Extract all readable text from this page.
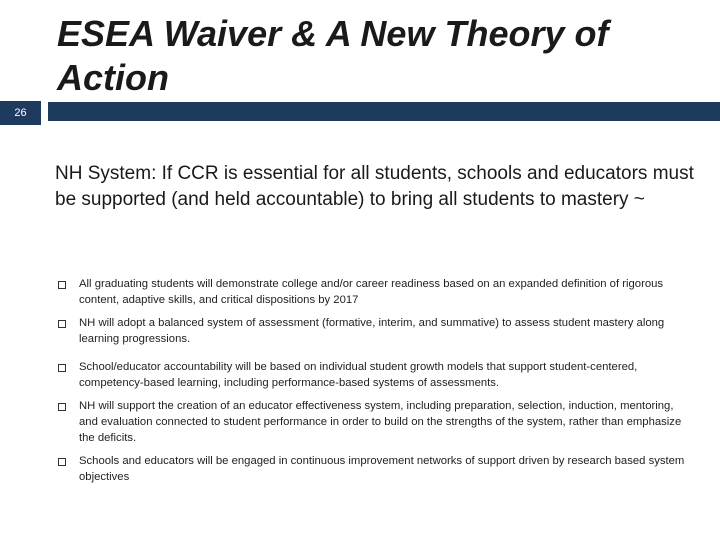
26
ESEA Waiver & A New Theory of Action

NH System: If CCR is essential for all students, schools and educators must be supported (and held accountable) to bring all students to mastery ~

All graduating students will demonstrate college and/or career readiness based on an expanded definition of rigorous content, adaptive skills, and critical dispositions by 2017
NH will adopt a balanced system of assessment (formative, interim, and summative) to assess student mastery along learning progressions.
School/educator accountability will be based on individual student growth models that support student-centered, competency-based learning, including performance-based systems of assessments.
NH will support the creation of an educator effectiveness system, including preparation, selection, induction, mentoring, and evaluation connected to student performance in order to build on the strengths of the system, rather than emphasize the deficits.
Schools and educators will be engaged in continuous improvement networks of support driven by research based system objectives
